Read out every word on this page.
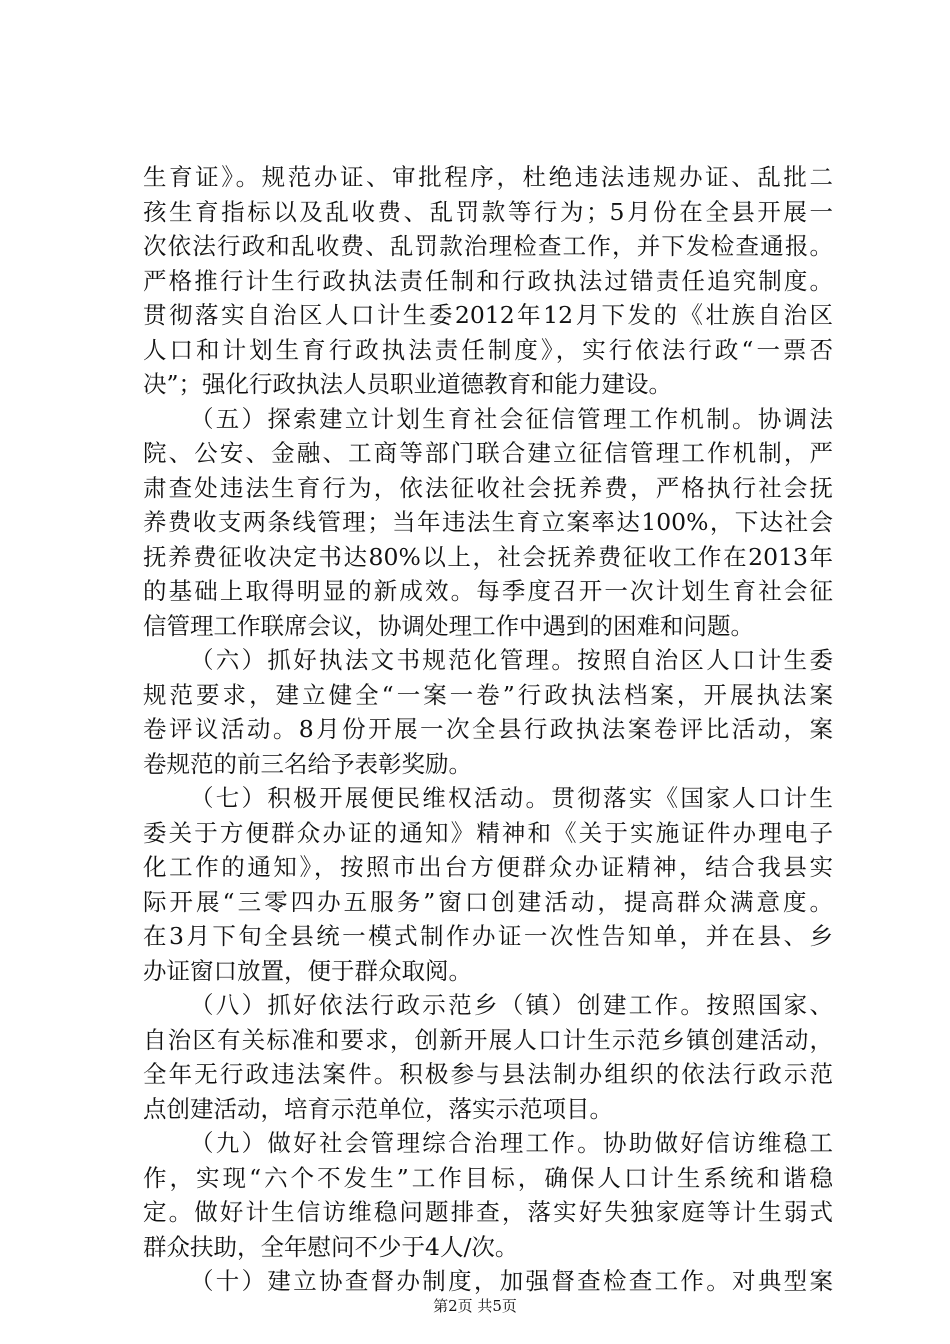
生育证》。规范办证、审批程序，杜绝违法违规办证、乱批二
孩生育指标以及乱收费、乱罚款等行为；5月份在全县开展一
次依法行政和乱收费、乱罚款治理检查工作，并下发检查通报。
严格推行计生行政执法责任制和行政执法过错责任追究制度。
贯彻落实自治区人口计生委2012年12月下发的《壮族自治区
人口和计划生育行政执法责任制度》，实行依法行政“一票否
决”；强化行政执法人员职业道德教育和能力建设。
（五）探索建立计划生育社会征信管理工作机制。协调法
院、公安、金融、工商等部门联合建立征信管理工作机制，严
肃查处违法生育行为，依法征收社会抚养费，严格执行社会抚
养费收支两条线管理；当年违法生育立案率达100%，下达社会
抚养费征收决定书达80%以上，社会抚养费征收工作在2013年
的基础上取得明显的新成效。每季度召开一次计划生育社会征
信管理工作联席会议，协调处理工作中遇到的困难和问题。
（六）抓好执法文书规范化管理。按照自治区人口计生委
规范要求，建立健全“一案一卷”行政执法档案，开展执法案
卷评议活动。8月份开展一次全县行政执法案卷评比活动，案
卷规范的前三名给予表彰奖励。
（七）积极开展便民维权活动。贯彻落实《国家人口计生
委关于方便群众办证的通知》精神和《关于实施证件办理电子
化工作的通知》，按照市出台方便群众办证精神，结合我县实
际开展“三零四办五服务”窗口创建活动，提高群众满意度。
在3月下旬全县统一模式制作办证一次性告知单，并在县、乡
办证窗口放置，便于群众取阅。
（八）抓好依法行政示范乡（镇）创建工作。按照国家、
自治区有关标准和要求，创新开展人口计生示范乡镇创建活动，
全年无行政违法案件。积极参与县法制办组织的依法行政示范
点创建活动，培育示范单位，落实示范项目。
（九）做好社会管理综合治理工作。协助做好信访维稳工
作，实现“六个不发生”工作目标，确保人口计生系统和谐稳
定。做好计生信访维稳问题排查，落实好失独家庭等计生弱式
群众扶助，全年慰问不少于4人/次。
（十）建立协查督办制度，加强督查检查工作。对典型案
第2页 共5页
